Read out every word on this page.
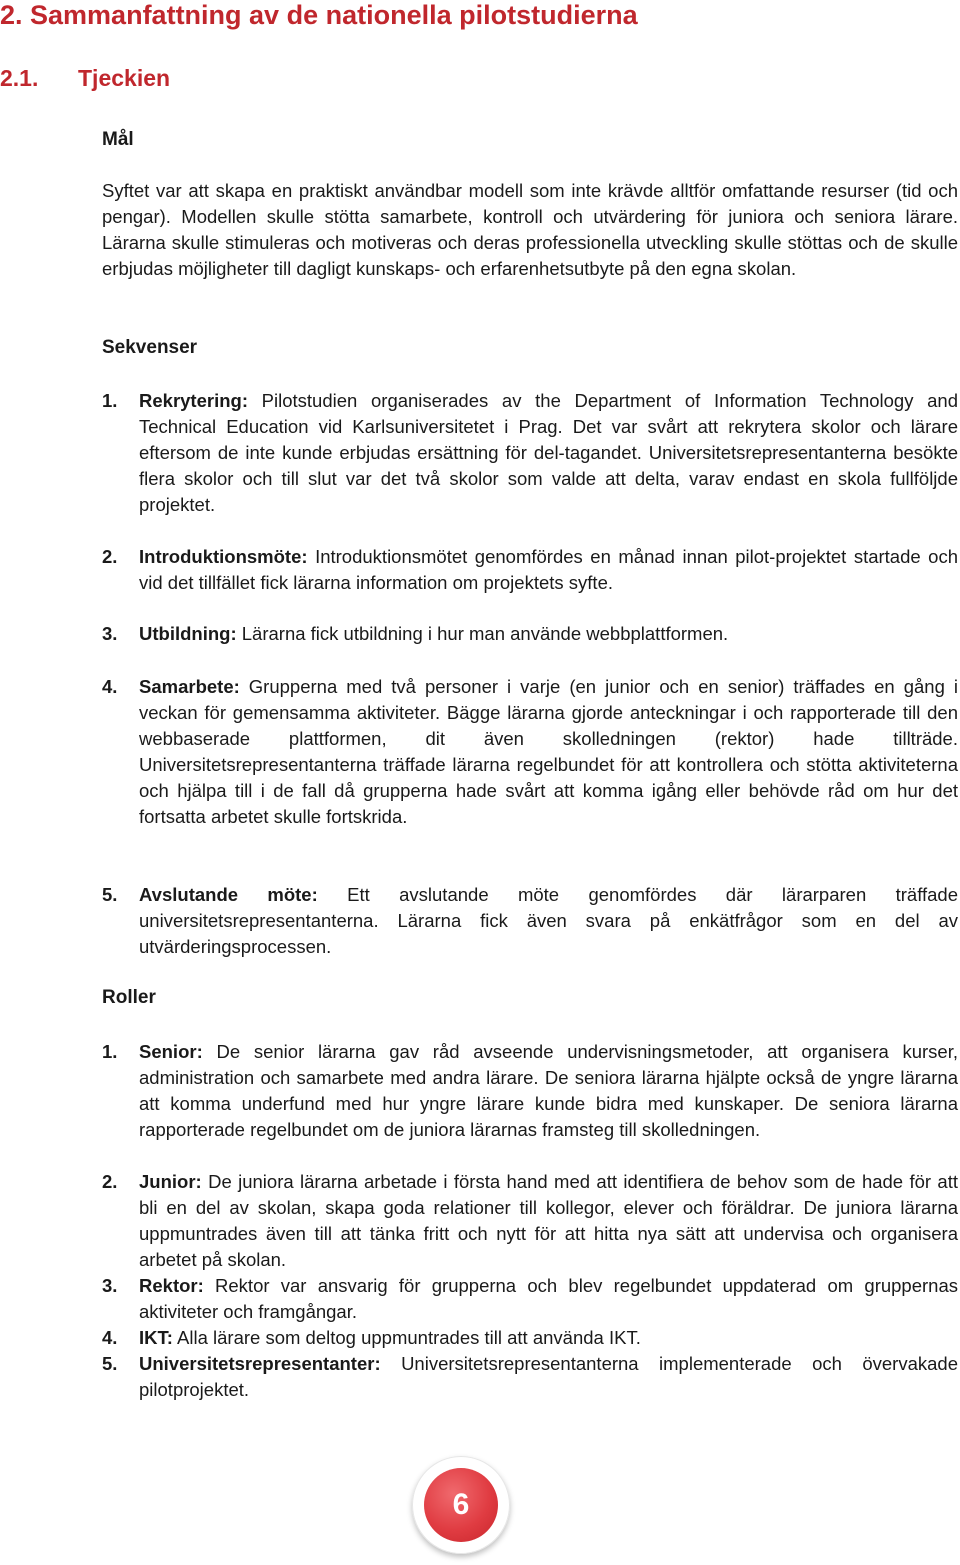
2. Sammanfattning av de nationella pilotstudierna
2.1. Tjeckien
Mål
Syftet var att skapa en praktiskt användbar modell som inte krävde alltför omfattande resurser (tid och pengar). Modellen skulle stötta samarbete, kontroll och utvärdering för juniora och seniora lärare. Lärarna skulle stimuleras och motiveras och deras professionella utveckling skulle stöttas och de skulle erbjudas möjligheter till dagligt kunskaps- och erfarenhetsutbyte på den egna skolan.
Sekvenser
1. Rekrytering: Pilotstudien organiserades av the Department of Information Technology and Technical Education vid Karlsuniversitetet i Prag. Det var svårt att rekrytera skolor och lärare eftersom de inte kunde erbjudas ersättning för del-tagandet. Universitetsrepresentanterna besökte flera skolor och till slut var det två skolor som valde att delta, varav endast en skola fullföljde projektet.
2. Introduktionsmöte: Introduktionsmötet genomfördes en månad innan pilot-projektet startade och vid det tillfället fick lärarna information om projektets syfte.
3. Utbildning: Lärarna fick utbildning i hur man använde webbplattformen.
4. Samarbete: Grupperna med två personer i varje (en junior och en senior) träffades en gång i veckan för gemensamma aktiviteter. Bägge lärarna gjorde anteckningar i och rapporterade till den webbaserade plattformen, dit även skolledningen (rektor) hade tillträde. Universitetsrepresentanterna träffade lärarna regelbundet för att kontrollera och stötta aktiviteterna och hjälpa till i de fall då grupperna hade svårt att komma igång eller behövde råd om hur det fortsatta arbetet skulle fortskrida.
5. Avslutande möte: Ett avslutande möte genomfördes där lärarparen träffade universitetsrepresentanterna. Lärarna fick även svara på enkätfrågor som en del av utvärderingsprocessen.
Roller
1. Senior: De senior lärarna gav råd avseende undervisningsmetoder, att organisera kurser, administration och samarbete med andra lärare. De seniora lärarna hjälpte också de yngre lärarna att komma underfund med hur yngre lärare kunde bidra med kunskaper. De seniora lärarna rapporterade regelbundet om de juniora lärarnas framsteg till skolledningen.
2. Junior: De juniora lärarna arbetade i första hand med att identifiera de behov som de hade för att bli en del av skolan, skapa goda relationer till kollegor, elever och föräldrar. De juniora lärarna uppmuntrades även till att tänka fritt och nytt för att hitta nya sätt att undervisa och organisera arbetet på skolan.
3. Rektor: Rektor var ansvarig för grupperna och blev regelbundet uppdaterad om gruppernas aktiviteter och framgångar.
4. IKT: Alla lärare som deltog uppmuntrades till att använda IKT.
5. Universitetsrepresentanter: Universitetsrepresentanterna implementerade och övervakade pilotprojektet.
6
